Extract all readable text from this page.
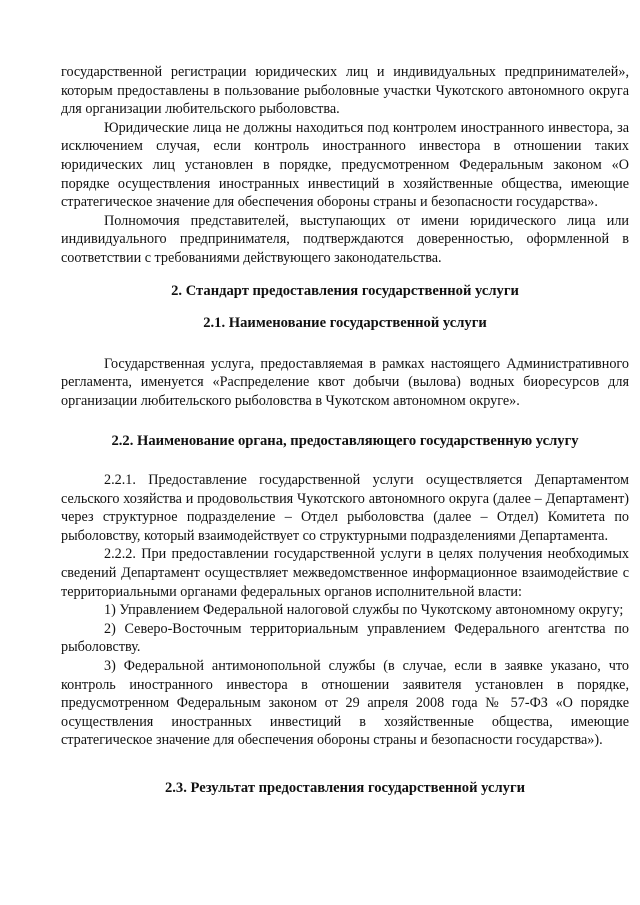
государственной регистрации юридических лиц и индивидуальных предпринимателей», которым предоставлены в пользование рыболовные участки Чукотского автономного округа для организации любительского рыболовства.

Юридические лица не должны находиться под контролем иностранного инвестора, за исключением случая, если контроль иностранного инвестора в отношении таких юридических лиц установлен в порядке, предусмотренном Федеральным законом «О порядке осуществления иностранных инвестиций в хозяйственные общества, имеющие стратегическое значение для обеспечения обороны страны и безопасности государства».

Полномочия представителей, выступающих от имени юридического лица или индивидуального предпринимателя, подтверждаются доверенностью, оформленной в соответствии с требованиями действующего законодательства.

2. Стандарт предоставления государственной услуги
2.1. Наименование государственной услуги

Государственная услуга, предоставляемая в рамках настоящего Административного регламента, именуется «Распределение квот добычи (вылова) водных биоресурсов для организации любительского рыболовства в Чукотском автономном округе».

2.2. Наименование органа, предоставляющего государственную услугу

2.2.1. Предоставление государственной услуги осуществляется Департаментом сельского хозяйства и продовольствия Чукотского автономного округа (далее – Департамент) через структурное подразделение – Отдел рыболовства (далее – Отдел) Комитета по рыболовству, который взаимодействует со структурными подразделениями Департамента.

2.2.2. При предоставлении государственной услуги в целях получения необходимых сведений Департамент осуществляет межведомственное информационное взаимодействие с территориальными органами федеральных органов исполнительной власти:

1) Управлением Федеральной налоговой службы по Чукотскому автономному округу;

2) Северо-Восточным территориальным управлением Федерального агентства по рыболовству.

3) Федеральной антимонопольной службы (в случае, если в заявке указано, что контроль иностранного инвестора в отношении заявителя установлен в порядке, предусмотренном Федеральным законом от 29 апреля 2008 года № 57-ФЗ «О порядке осуществления иностранных инвестиций в хозяйственные общества, имеющие стратегическое значение для обеспечения обороны страны и безопасности государства»).

2.3. Результат предоставления государственной услуги
